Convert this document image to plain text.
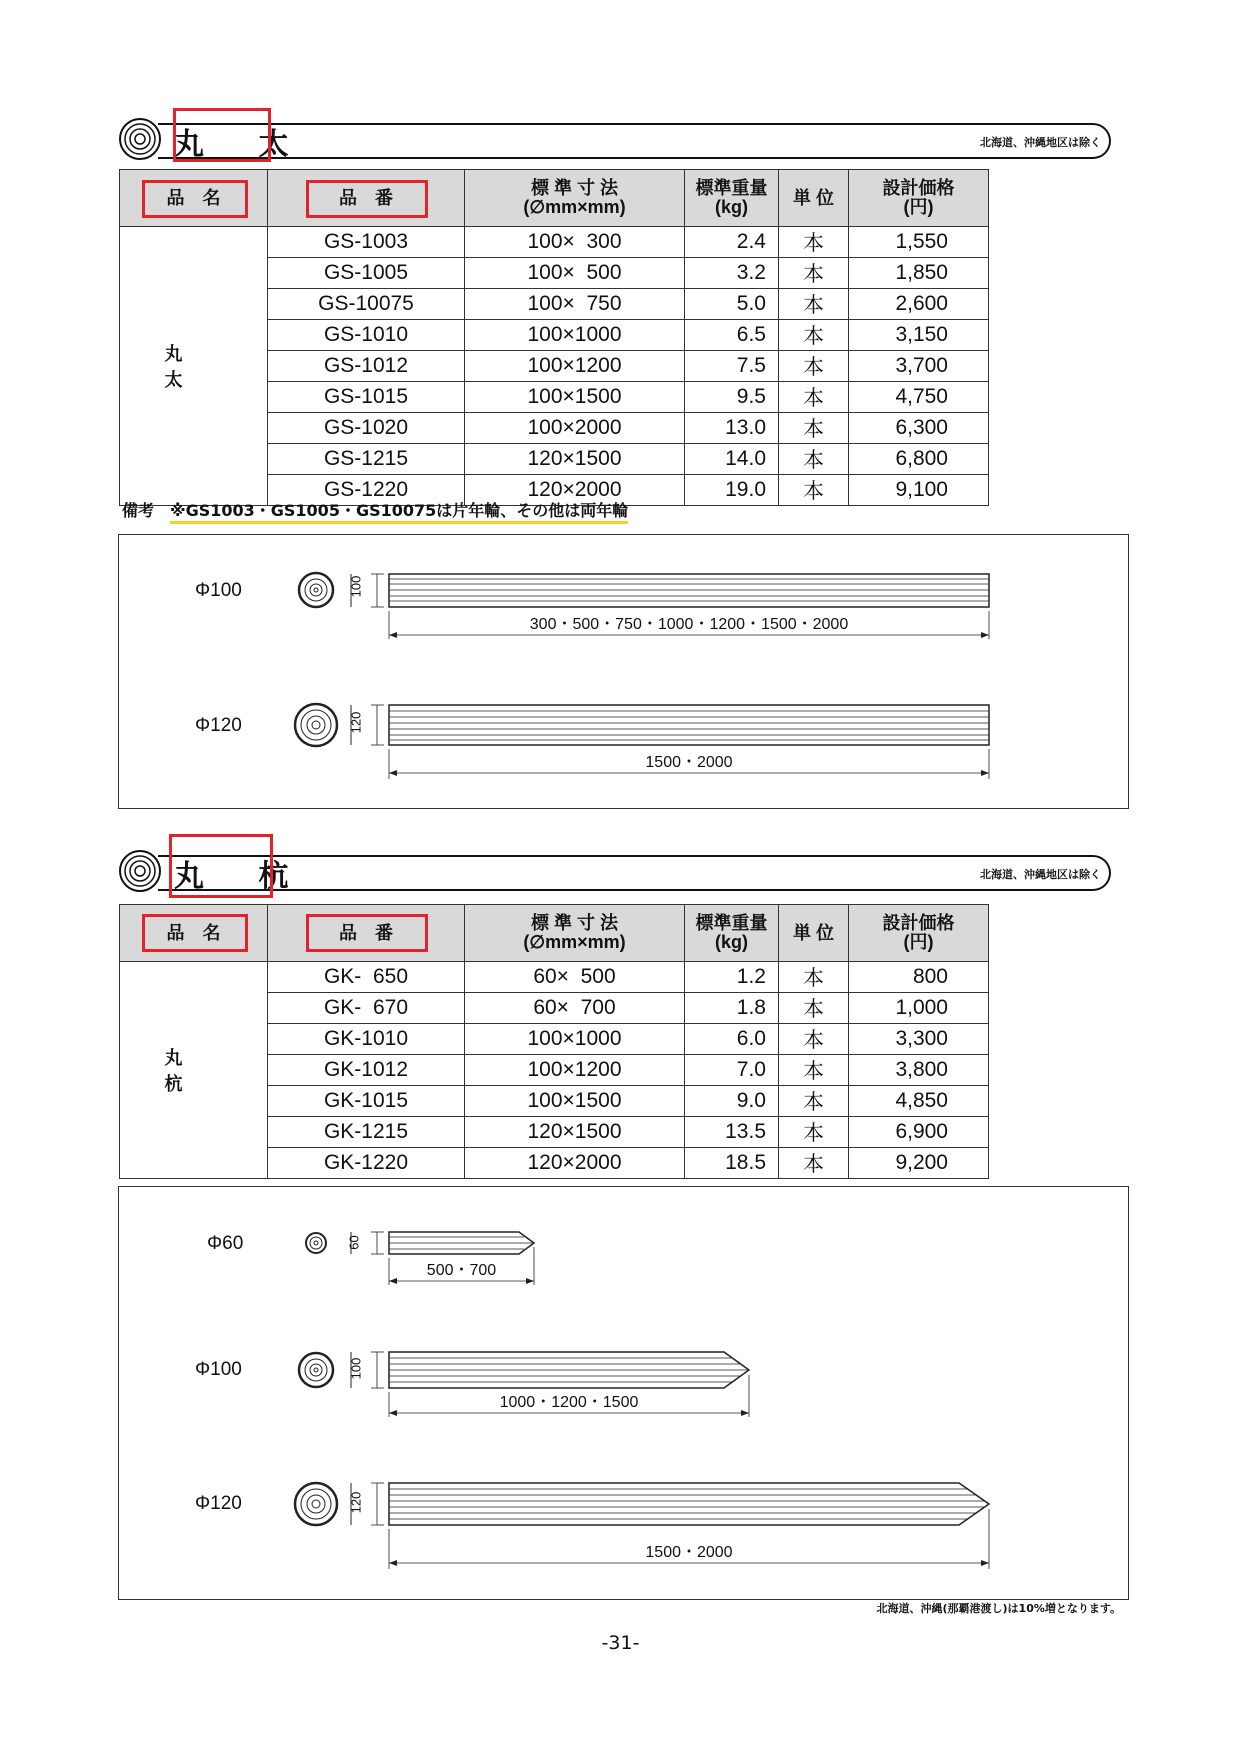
丸 太	北海道、沖縄地区は除く
品　名	品　番	標 準 寸 法
(∅mm×mm)	標準重量
(kg)	単 位	設計価格
(円)
丸 太	GS-1003	100×  300	2.4	本	1,550
	GS-1005	100×  500	3.2	本	1,850
	GS-10075	100×  750	5.0	本	2,600
	GS-1010	100×1000	6.5	本	3,150
	GS-1012	100×1200	7.5	本	3,700
	GS-1015	100×1500	9.5	本	4,750
	GS-1020	100×2000	13.0	本	6,300
	GS-1215	120×1500	14.0	本	6,800
	GS-1220	120×2000	19.0	本	9,100
備考 ※GS1003・GS1005・GS10075は片年輪、その他は両年輪
Φ100	100
300・500・750・1000・1200・1500・2000
Φ120	120
1500・2000
丸 杭	北海道、沖縄地区は除く
品　名	品　番	標 準 寸 法
(∅mm×mm)	標準重量
(kg)	単 位	設計価格
(円)
丸 杭	GK-  650	60×  500	1.2	本	800
	GK-  670	60×  700	1.8	本	1,000
	GK-1010	100×1000	6.0	本	3,300
	GK-1012	100×1200	7.0	本	3,800
	GK-1015	100×1500	9.0	本	4,850
	GK-1215	120×1500	13.5	本	6,900
	GK-1220	120×2000	18.5	本	9,200
Φ60	60
500・700
Φ100	100
1000・1200・1500
Φ120	120
1500・2000
北海道、沖縄(那覇港渡し)は10%増となります。
-31-
